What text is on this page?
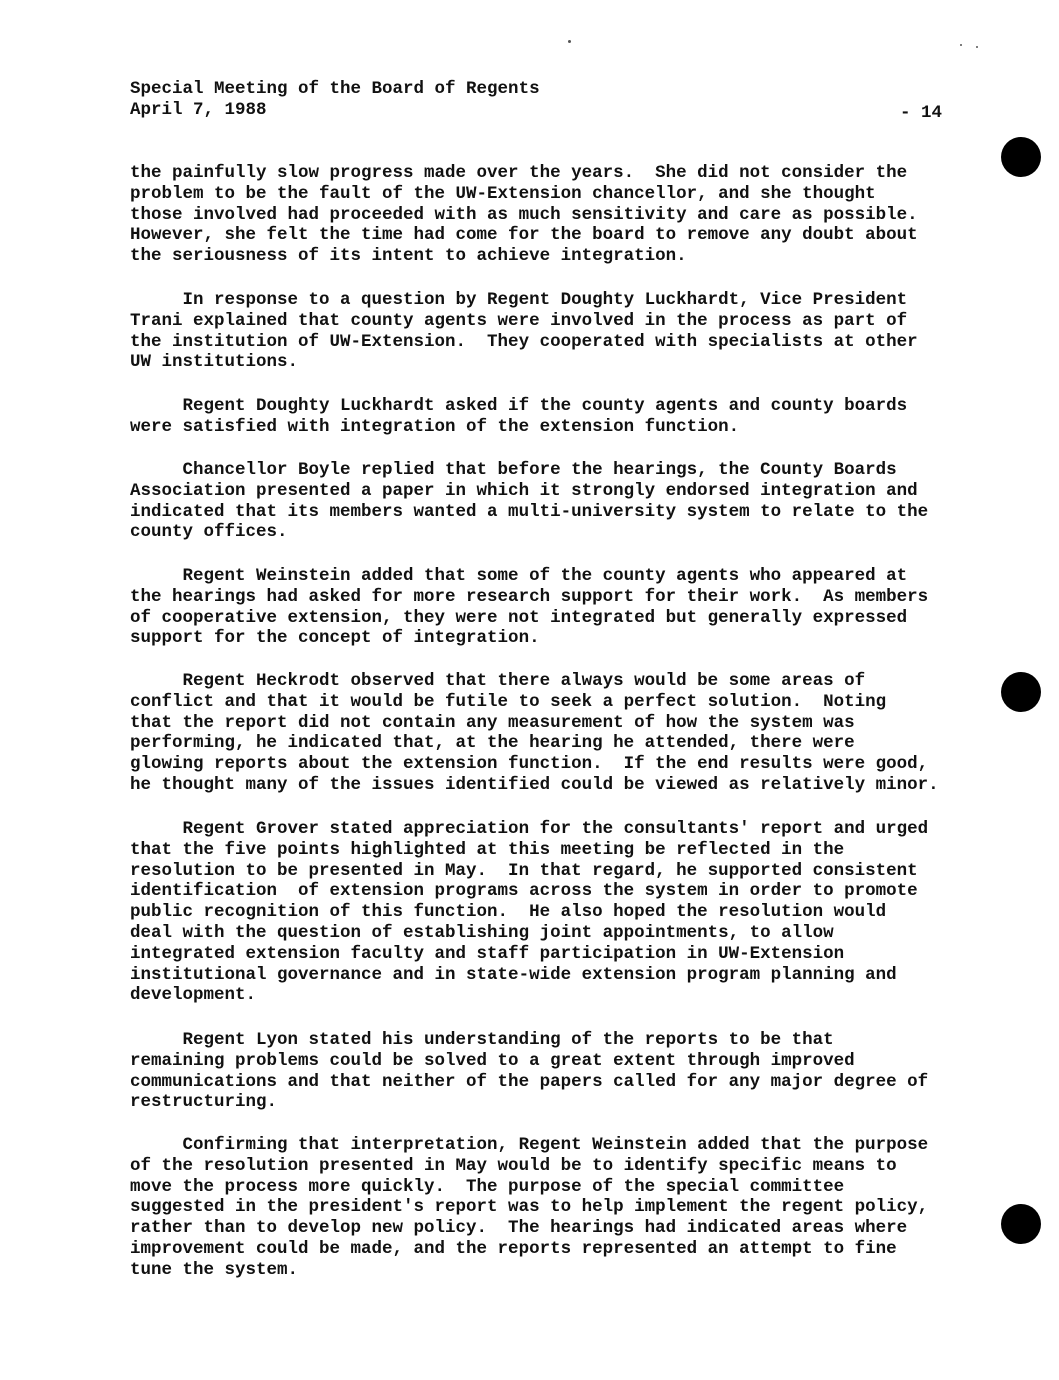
Special Meeting of the Board of Regents
April 7, 1988	- 14
the painfully slow progress made over the years.  She did not consider the
problem to be the fault of the UW-Extension chancellor, and she thought
those involved had proceeded with as much sensitivity and care as possible.
However, she felt the time had come for the board to remove any doubt about
the seriousness of its intent to achieve integration.
In response to a question by Regent Doughty Luckhardt, Vice President
Trani explained that county agents were involved in the process as part of
the institution of UW-Extension.  They cooperated with specialists at other
UW institutions.
Regent Doughty Luckhardt asked if the county agents and county boards
were satisfied with integration of the extension function.
Chancellor Boyle replied that before the hearings, the County Boards
Association presented a paper in which it strongly endorsed integration and
indicated that its members wanted a multi-university system to relate to the
county offices.
Regent Weinstein added that some of the county agents who appeared at
the hearings had asked for more research support for their work.  As members
of cooperative extension, they were not integrated but generally expressed
support for the concept of integration.
Regent Heckrodt observed that there always would be some areas of
conflict and that it would be futile to seek a perfect solution.  Noting
that the report did not contain any measurement of how the system was
performing, he indicated that, at the hearing he attended, there were
glowing reports about the extension function.  If the end results were good,
he thought many of the issues identified could be viewed as relatively minor.
Regent Grover stated appreciation for the consultants' report and urged
that the five points highlighted at this meeting be reflected in the
resolution to be presented in May.  In that regard, he supported consistent
identification  of extension programs across the system in order to promote
public recognition of this function.  He also hoped the resolution would
deal with the question of establishing joint appointments, to allow
integrated extension faculty and staff participation in UW-Extension
institutional governance and in state-wide extension program planning and
development.
Regent Lyon stated his understanding of the reports to be that
remaining problems could be solved to a great extent through improved
communications and that neither of the papers called for any major degree of
restructuring.
Confirming that interpretation, Regent Weinstein added that the purpose
of the resolution presented in May would be to identify specific means to
move the process more quickly.  The purpose of the special committee
suggested in the president's report was to help implement the regent policy,
rather than to develop new policy.  The hearings had indicated areas where
improvement could be made, and the reports represented an attempt to fine
tune the system.
